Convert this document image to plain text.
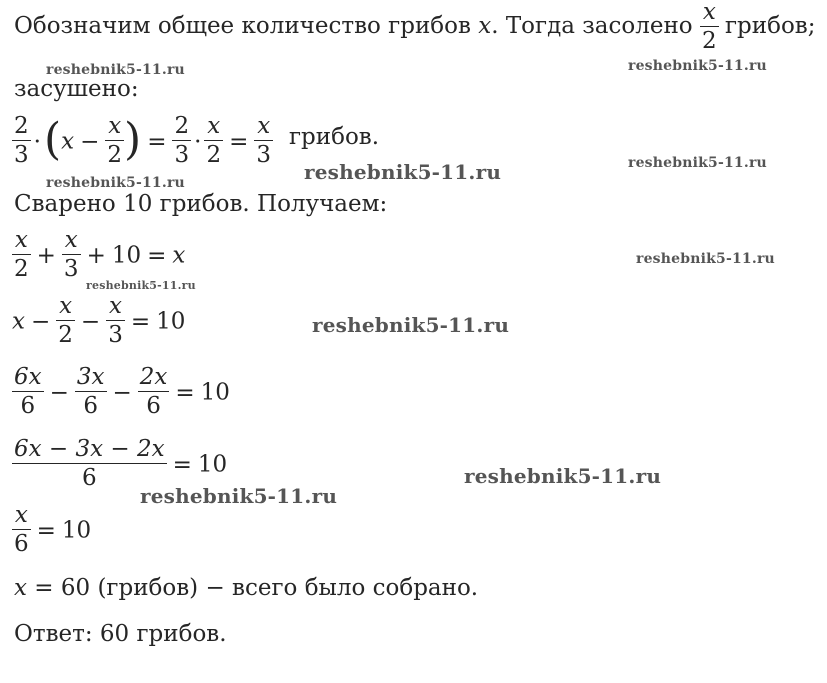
Обозначим общее количество грибов x. Тогда засолено $\frac{x}{2}$ грибов;
засушено:
$\frac{2}{3} \cdot(x - \frac{x}{2}$ ) = $\frac{2}{3} \cdot \frac{x}{2} = \frac{x}{3}$ грибов.
Сварено 10 грибов. Получаем:
$\frac{x}{2} + \frac{x}{3} + 10 = x$
$x - \frac{x}{2} - \frac{x}{3} = 10$
$\frac{6x}{6} - \frac{3x}{6} - \frac{2x}{6} = 10$
$\frac{6x - 3x - 2x}{6} = 10$
$\frac{x}{6} = 10$
x = 60 (грибов) − всего было собрано.
Ответ: 60 грибов.
reshebnik5-11.ru	reshebnik5-11.ru
reshebnik5-11.ru	reshebnik5-11.ru	reshebnik5-11.ru
reshebnik5-11.ru
reshebnik5-11.ru
reshebnik5-11.ru
reshebnik5-11.ru
reshebnik5-11.ru
